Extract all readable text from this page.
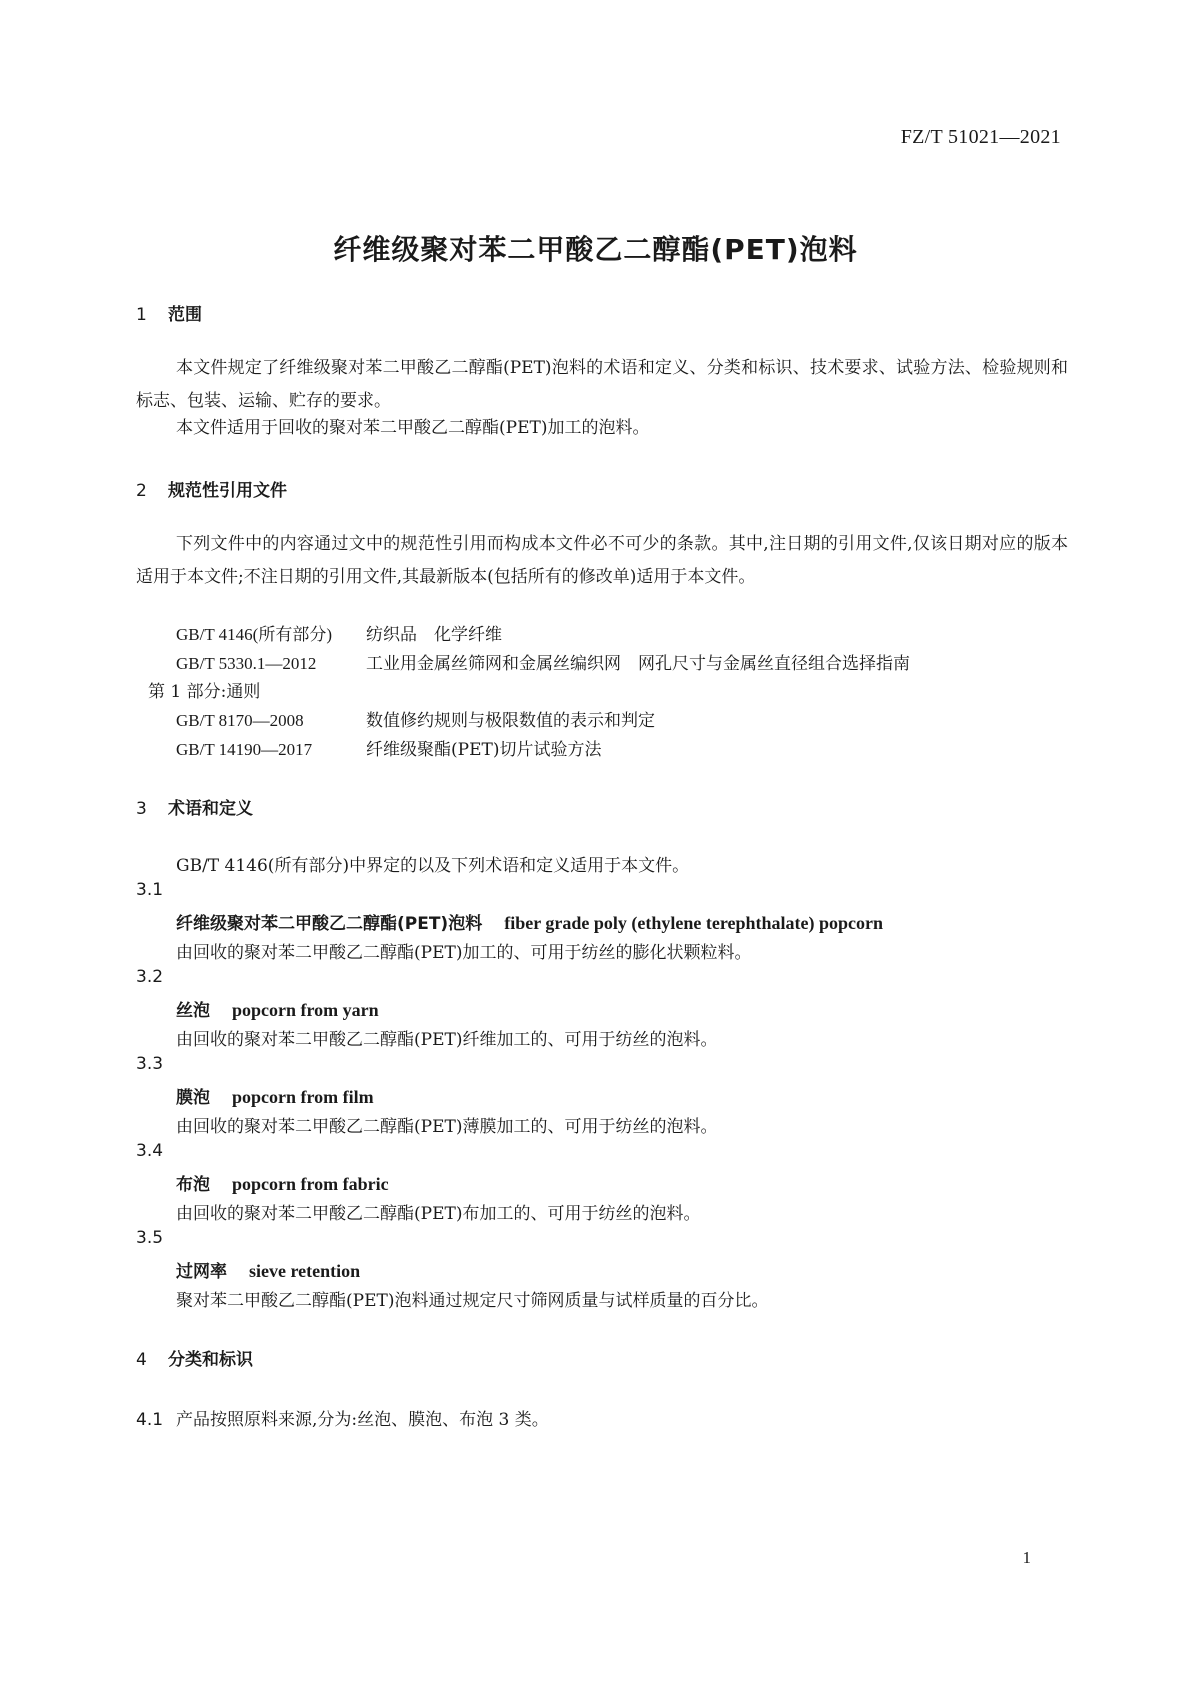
FZ/T 51021—2021
纤维级聚对苯二甲酸乙二醇酯(PET)泡料
1 范围
本文件规定了纤维级聚对苯二甲酸乙二醇酯(PET)泡料的术语和定义、分类和标识、技术要求、试验方法、检验规则和标志、包装、运输、贮存的要求。
本文件适用于回收的聚对苯二甲酸乙二醇酯(PET)加工的泡料。
2 规范性引用文件
下列文件中的内容通过文中的规范性引用而构成本文件必不可少的条款。其中,注日期的引用文件,仅该日期对应的版本适用于本文件;不注日期的引用文件,其最新版本(包括所有的修改单)适用于本文件。
GB/T 4146(所有部分) 纺织品　化学纤维
GB/T 5330.1—2012	工业用金属丝筛网和金属丝编织网　网孔尺寸与金属丝直径组合选择指南
第 1 部分:通则
GB/T 8170—2008	数值修约规则与极限数值的表示和判定
GB/T 14190—2017	纤维级聚酯(PET)切片试验方法
3 术语和定义
GB/T 4146(所有部分)中界定的以及下列术语和定义适用于本文件。
3.1
纤维级聚对苯二甲酸乙二醇酯(PET)泡料 fiber grade poly (ethylene terephthalate) popcorn
由回收的聚对苯二甲酸乙二醇酯(PET)加工的、可用于纺丝的膨化状颗粒料。
3.2
丝泡 popcorn from yarn
由回收的聚对苯二甲酸乙二醇酯(PET)纤维加工的、可用于纺丝的泡料。
3.3
膜泡 popcorn from film
由回收的聚对苯二甲酸乙二醇酯(PET)薄膜加工的、可用于纺丝的泡料。
3.4
布泡 popcorn from fabric
由回收的聚对苯二甲酸乙二醇酯(PET)布加工的、可用于纺丝的泡料。
3.5
过网率 sieve retention
聚对苯二甲酸乙二醇酯(PET)泡料通过规定尺寸筛网质量与试样质量的百分比。
4 分类和标识
4.1 产品按照原料来源,分为:丝泡、膜泡、布泡 3 类。
1
